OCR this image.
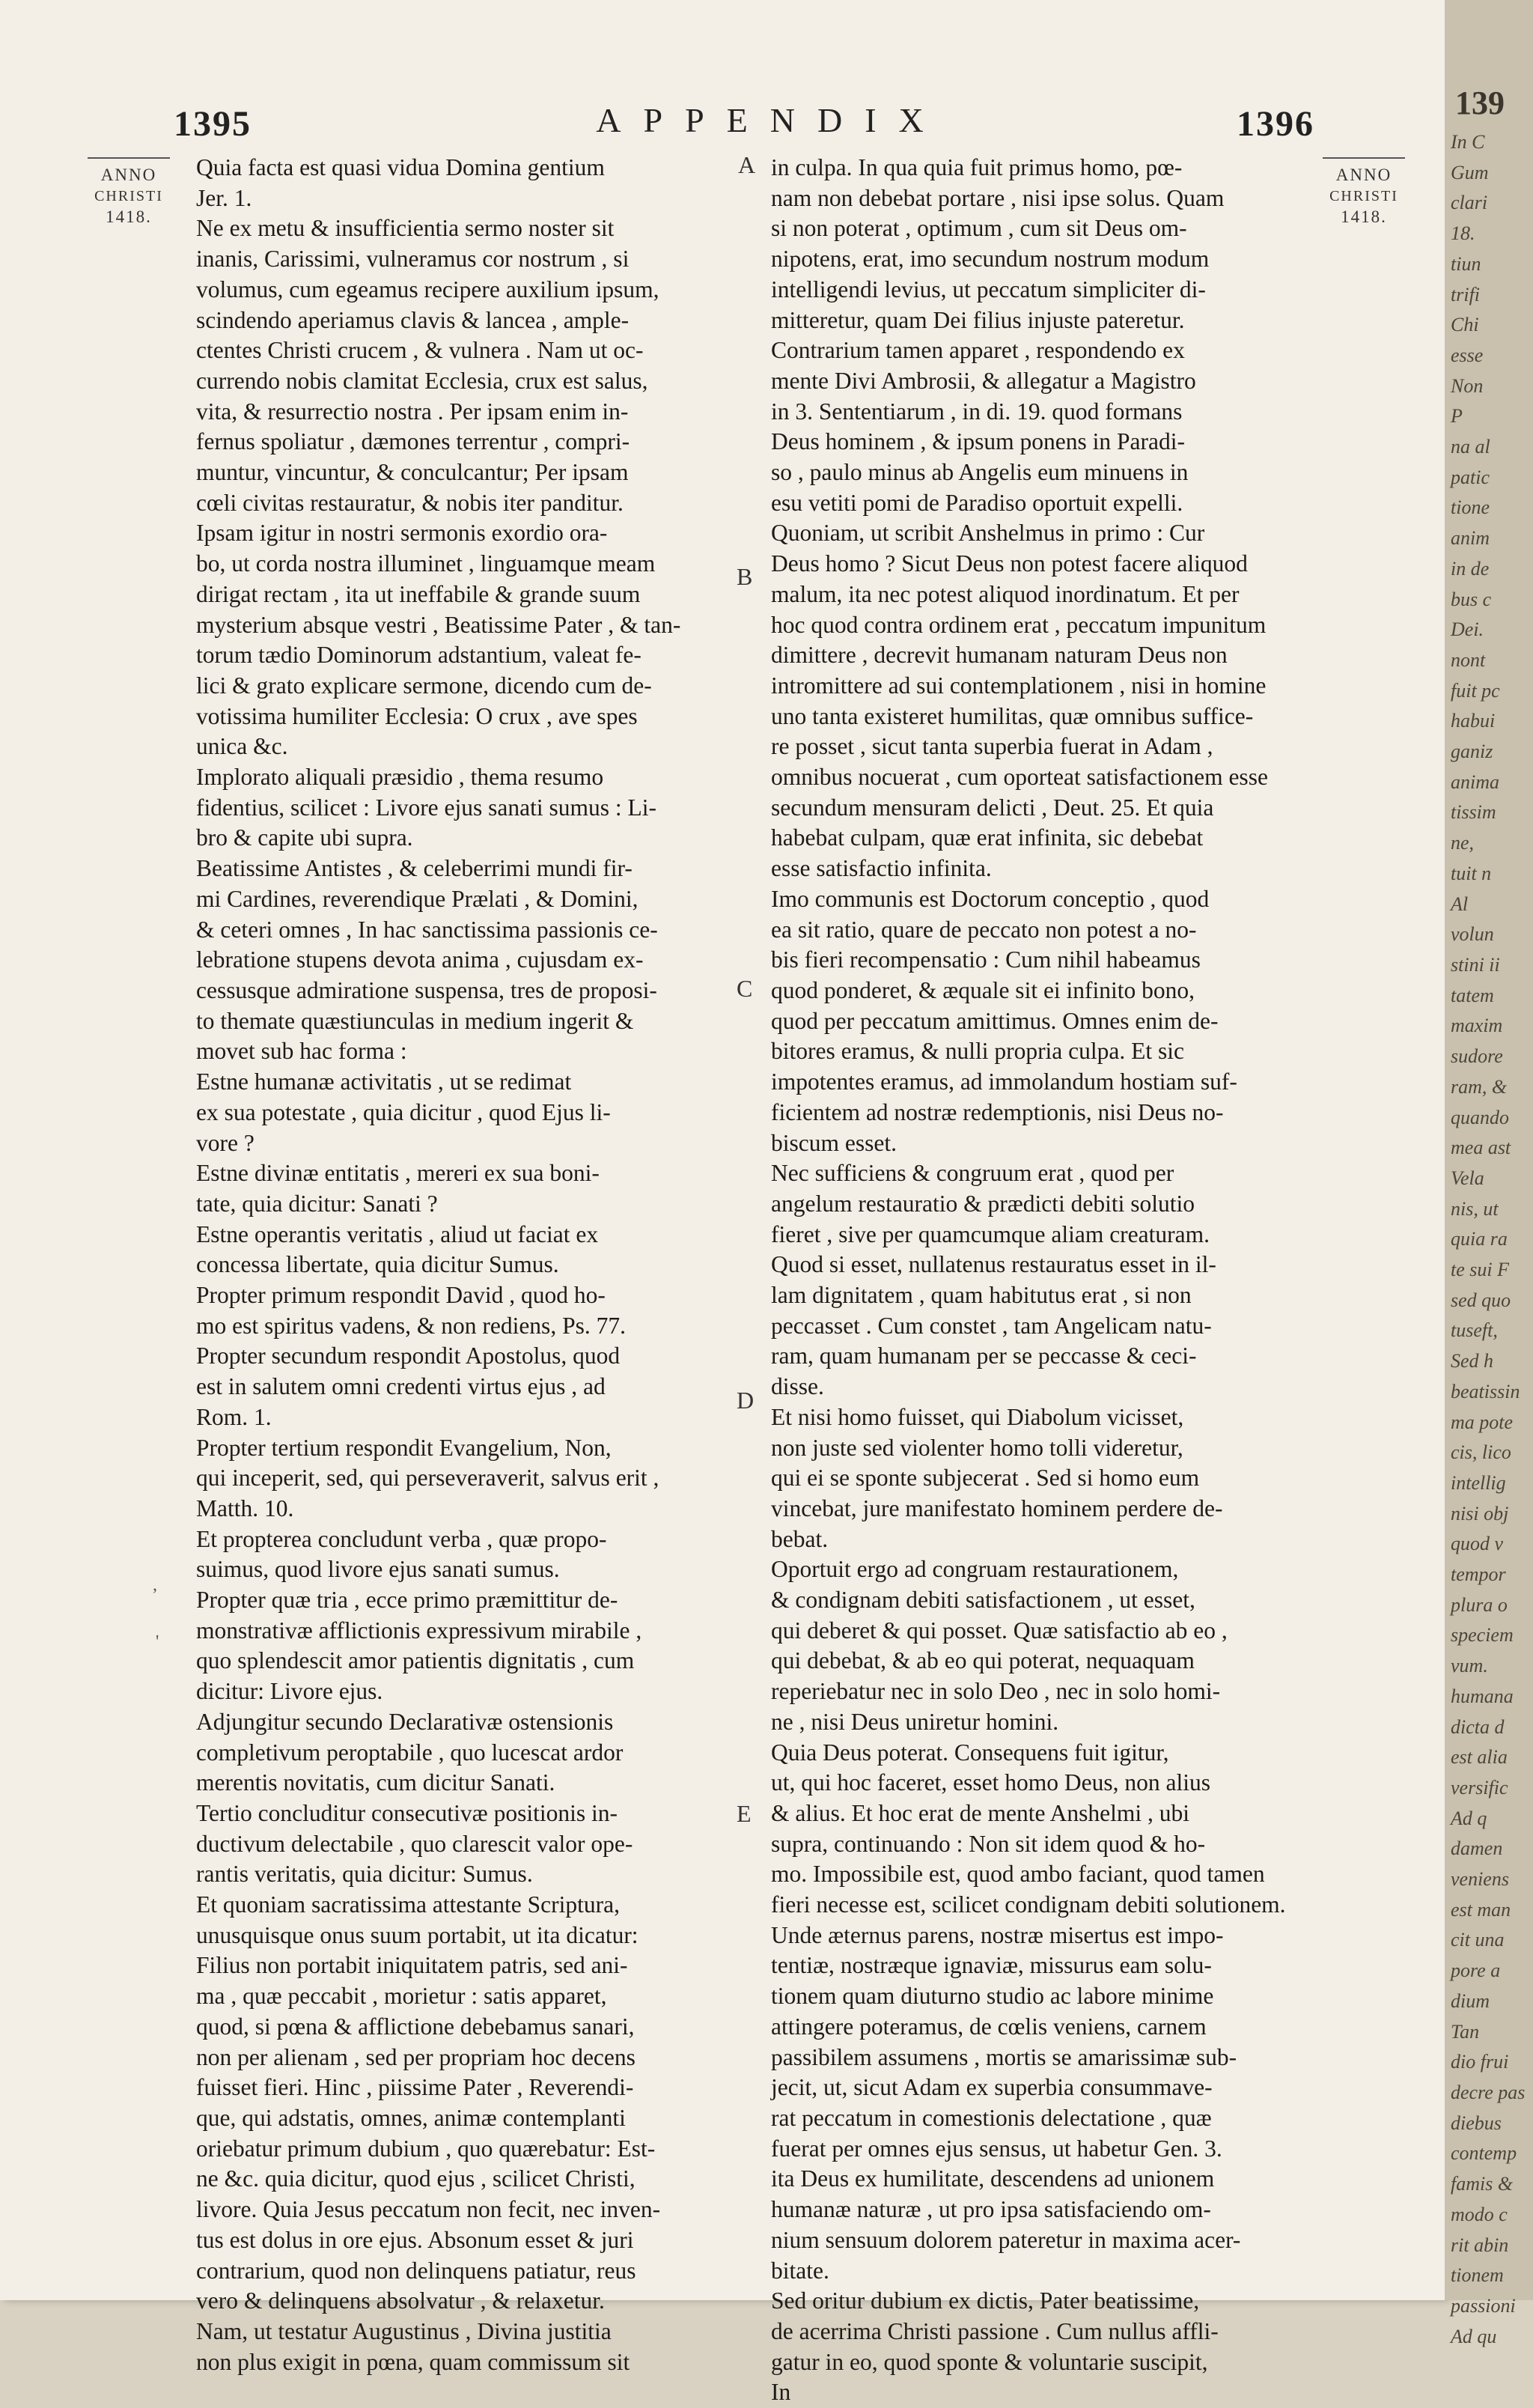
1395	APPENDIX	1396
ANNO
CHRISTI
1418.
ANNO
CHRISTI
1418.
A
B
C
D
E
,
'

Quia facta est quasi vidua Domina gentium

Jer. 1.

Ne ex metu & insufficientia sermo noster sit

inanis, Carissimi, vulneramus cor nostrum , si

volumus, cum egeamus recipere auxilium ipsum,

scindendo aperiamus clavis & lancea , ample-

ctentes Christi crucem , & vulnera . Nam ut oc-

currendo nobis clamitat Ecclesia, crux est salus,

vita, & resurrectio nostra . Per ipsam enim in-

fernus spoliatur , dæmones terrentur , compri-

muntur, vincuntur, & conculcantur; Per ipsam

cœli civitas restauratur, & nobis iter panditur.

Ipsam igitur in nostri sermonis exordio ora-

bo, ut corda nostra illuminet , linguamque meam

dirigat rectam , ita ut ineffabile & grande suum

mysterium absque vestri , Beatissime Pater , & tan-

torum tædio Dominorum adstantium, valeat fe-

lici & grato explicare sermone, dicendo cum de-

votissima humiliter Ecclesia: O crux , ave spes

unica &c.

Implorato aliquali præsidio , thema resumo

fidentius, scilicet : Livore ejus sanati sumus : Li-

bro & capite ubi supra.

Beatissime Antistes , & celeberrimi mundi fir-

mi Cardines, reverendique Prælati , & Domini,

& ceteri omnes , In hac sanctissima passionis ce-

lebratione stupens devota anima , cujusdam ex-

cessusque admiratione suspensa, tres de proposi-

to themate quæstiunculas in medium ingerit &

movet sub hac forma :

Estne humanæ activitatis , ut se redimat

ex sua potestate , quia dicitur , quod Ejus li-

vore ?

Estne divinæ entitatis , mereri ex sua boni-

tate, quia dicitur: Sanati ?

Estne operantis veritatis , aliud ut faciat ex

concessa libertate, quia dicitur Sumus.

Propter primum respondit David , quod ho-

mo est spiritus vadens, & non rediens, Ps. 77.

Propter secundum respondit Apostolus, quod

est in salutem omni credenti virtus ejus , ad

Rom. 1.

Propter tertium respondit Evangelium, Non,

qui inceperit, sed, qui perseveraverit, salvus erit ,

Matth. 10.

Et propterea concludunt verba , quæ propo-

suimus, quod livore ejus sanati sumus.

Propter quæ tria , ecce primo præmittitur de-

monstrativæ afflictionis expressivum mirabile ,

quo splendescit amor patientis dignitatis , cum

dicitur: Livore ejus.

Adjungitur secundo Declarativæ ostensionis

completivum peroptabile , quo lucescat ardor

merentis novitatis, cum dicitur Sanati.

Tertio concluditur consecutivæ positionis in-

ductivum delectabile , quo clarescit valor ope-

rantis veritatis, quia dicitur: Sumus.

Et quoniam sacratissima attestante Scriptura,

unusquisque onus suum portabit, ut ita dicatur:

Filius non portabit iniquitatem patris, sed ani-

ma , quæ peccabit , morietur : satis apparet,

quod, si pœna & afflictione debebamus sanari,

non per alienam , sed per propriam hoc decens

fuisset fieri. Hinc , piissime Pater , Reverendi-

que, qui adstatis, omnes, animæ contemplanti

oriebatur primum dubium , quo quærebatur: Est-

ne &c. quia dicitur, quod ejus , scilicet Christi,

livore. Quia Jesus peccatum non fecit, nec inven-

tus est dolus in ore ejus. Absonum esset & juri

contrarium, quod non delinquens patiatur, reus

vero & delinquens absolvatur , & relaxetur.

Nam, ut testatur Augustinus , Divina justitia

non plus exigit in pœna, quam commissum sit

in culpa. In qua quia fuit primus homo, pœ-

nam non debebat portare , nisi ipse solus. Quam

si non poterat , optimum , cum sit Deus om-

nipotens, erat, imo secundum nostrum modum

intelligendi levius, ut peccatum simpliciter di-

mitteretur, quam Dei filius injuste pateretur.

Contrarium tamen apparet , respondendo ex

mente Divi Ambrosii, & allegatur a Magistro

in 3. Sententiarum , in di. 19. quod formans

Deus hominem , & ipsum ponens in Paradi-

so , paulo minus ab Angelis eum minuens in

esu vetiti pomi de Paradiso oportuit expelli.

Quoniam, ut scribit Anshelmus in primo : Cur

Deus homo ? Sicut Deus non potest facere aliquod

malum, ita nec potest aliquod inordinatum. Et per

hoc quod contra ordinem erat , peccatum impunitum

dimittere , decrevit humanam naturam Deus non

intromittere ad sui contemplationem , nisi in homine

uno tanta existeret humilitas, quæ omnibus suffice-

re posset , sicut tanta superbia fuerat in Adam ,

omnibus nocuerat , cum oporteat satisfactionem esse

secundum mensuram delicti , Deut. 25. Et quia

habebat culpam, quæ erat infinita, sic debebat

esse satisfactio infinita.

Imo communis est Doctorum conceptio , quod

ea sit ratio, quare de peccato non potest a no-

bis fieri recompensatio : Cum nihil habeamus

quod ponderet, & æquale sit ei infinito bono,

quod per peccatum amittimus. Omnes enim de-

bitores eramus, & nulli propria culpa. Et sic

impotentes eramus, ad immolandum hostiam suf-

ficientem ad nostræ redemptionis, nisi Deus no-

biscum esset.

Nec sufficiens & congruum erat , quod per

angelum restauratio & prædicti debiti solutio

fieret , sive per quamcumque aliam creaturam.

Quod si esset, nullatenus restauratus esset in il-

lam dignitatem , quam habitutus erat , si non

peccasset . Cum constet , tam Angelicam natu-

ram, quam humanam per se peccasse & ceci-

disse.

Et nisi homo fuisset, qui Diabolum vicisset,

non juste sed violenter homo tolli videretur,

qui ei se sponte subjecerat . Sed si homo eum

vincebat, jure manifestato hominem perdere de-

bebat.

Oportuit ergo ad congruam restaurationem,

& condignam debiti satisfactionem , ut esset,

qui deberet & qui posset. Quæ satisfactio ab eo ,

qui debebat, & ab eo qui poterat, nequaquam

reperiebatur nec in solo Deo , nec in solo homi-

ne , nisi Deus uniretur homini.

Quia Deus poterat. Consequens fuit igitur,

ut, qui hoc faceret, esset homo Deus, non alius

& alius. Et hoc erat de mente Anshelmi , ubi

supra, continuando : Non sit idem quod & ho-

mo. Impossibile est, quod ambo faciant, quod tamen

fieri necesse est, scilicet condignam debiti solutionem.

Unde æternus parens, nostræ misertus est impo-

tentiæ, nostræque ignaviæ, missurus eam solu-

tionem quam diuturno studio ac labore minime

attingere poteramus, de cœlis veniens, carnem

passibilem assumens , mortis se amarissimæ sub-

jecit, ut, sicut Adam ex superbia consummave-

rat peccatum in comestionis delectatione , quæ

fuerat per omnes ejus sensus, ut habetur Gen. 3.

ita Deus ex humilitate, descendens ad unionem

humanæ naturæ , ut pro ipsa satisfaciendo om-

nium sensuum dolorem pateretur in maxima acer-

bitate.

Sed oritur dubium ex dictis, Pater beatissime,

de acerrima Christi passione . Cum nullus affli-

gatur in eo, quod sponte & voluntarie suscipit,

In

139
In C
Gum
clari
18.
tiun
trifi
Chi
esse
Non
P
na al
patic
tione
anim
in de
bus c
Dei.
nont
fuit pc
habui
ganiz
anima
tissim
ne,
tuit n
Al
volun
stini ii
tatem
maxim
sudore
ram, &
quando
mea ast
Vela
nis, ut
quia ra
te sui F
sed quo
tuseft,
Sed h
beatissin
ma pote
cis, lico
intellig
nisi obj
quod v
tempor
plura o
speciem
vum.
humana
dicta d
est alia
versific
Ad q
damen
veniens
est man
cit una
pore a
dium
Tan
dio frui
decre pas
diebus
contemp
famis &
modo c
rit abin
tionem
passioni
Ad qu
